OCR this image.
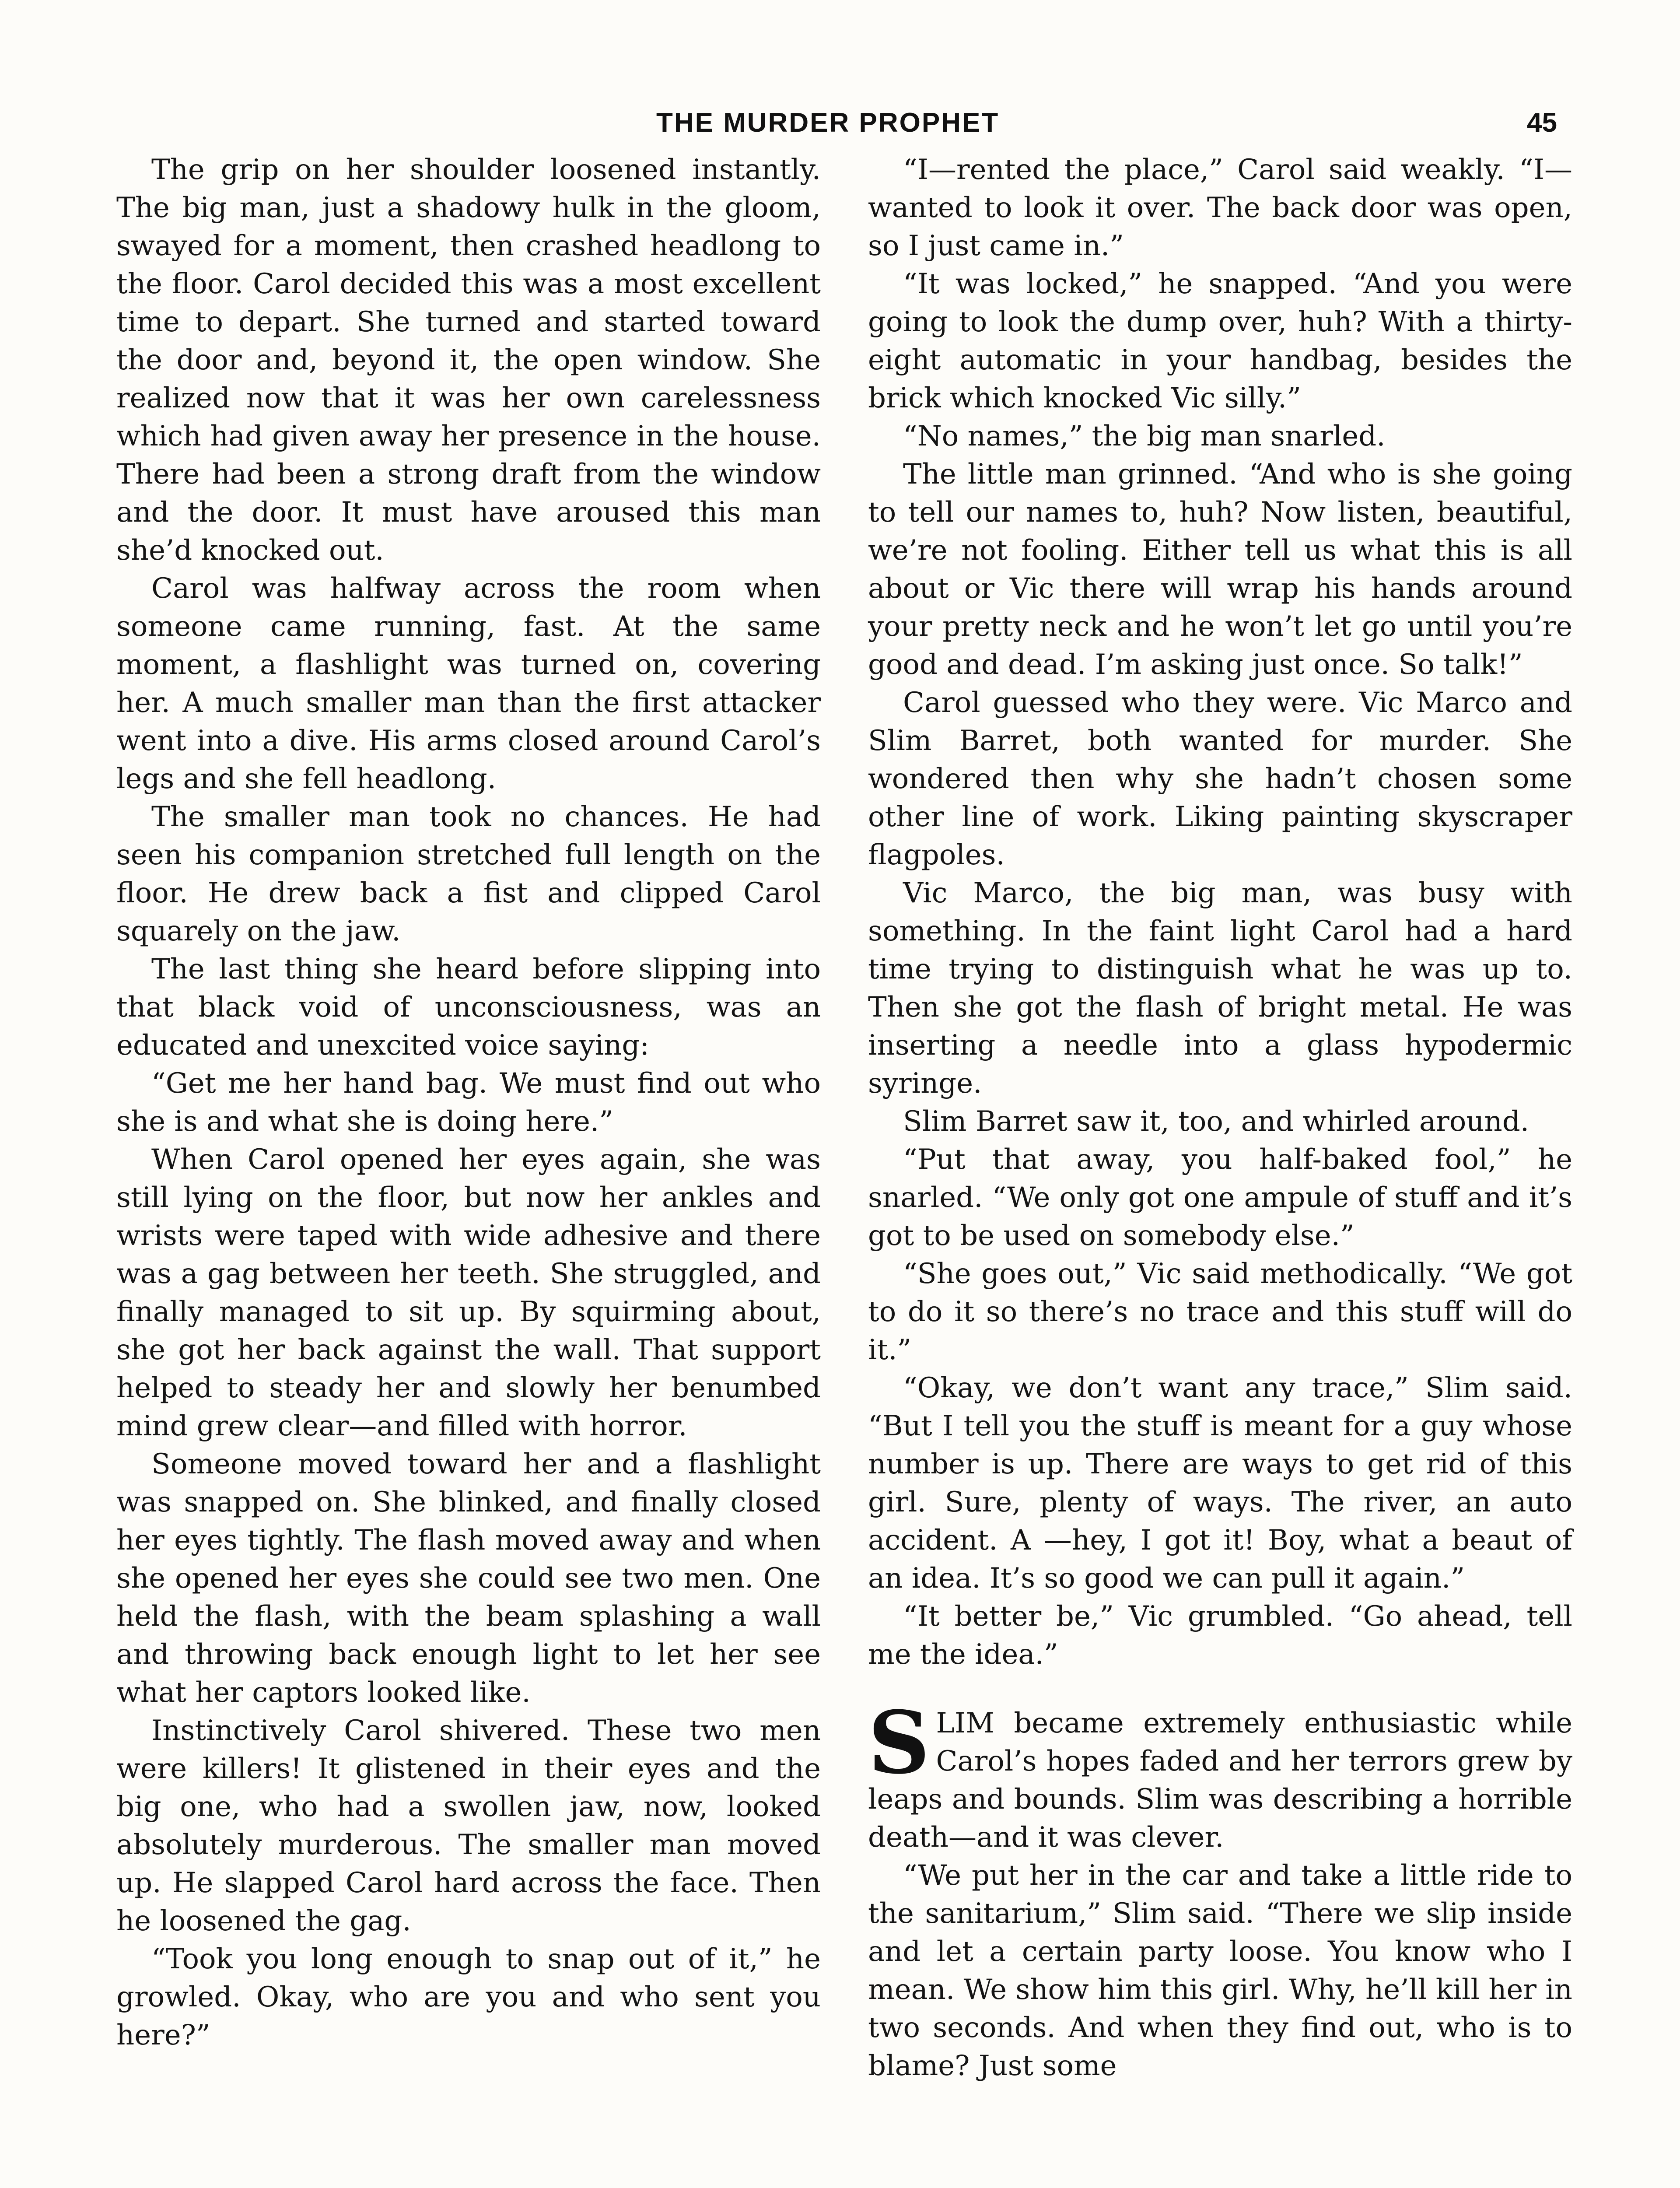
THE MURDER PROPHET	45

The grip on her shoulder loosened instantly. The big man, just a shadowy hulk in the gloom, swayed for a moment, then crashed headlong to the floor. Carol decided this was a most excellent time to depart. She turned and started toward the door and, beyond it, the open window. She realized now that it was her own carelessness which had given away her presence in the house. There had been a strong draft from the window and the door. It must have aroused this man she’d knocked out.

Carol was halfway across the room when someone came running, fast. At the same moment, a flashlight was turned on, covering her. A much smaller man than the first attacker went into a dive. His arms closed around Carol’s legs and she fell headlong.

The smaller man took no chances. He had seen his companion stretched full length on the floor. He drew back a fist and clipped Carol squarely on the jaw.

The last thing she heard before slipping into that black void of unconsciousness, was an educated and unexcited voice saying:

“Get me her hand bag. We must find out who she is and what she is doing here.”

When Carol opened her eyes again, she was still lying on the floor, but now her ankles and wrists were taped with wide adhesive and there was a gag between her teeth. She struggled, and finally managed to sit up. By squirming about, she got her back against the wall. That support helped to steady her and slowly her benumbed mind grew clear—and filled with horror.

Someone moved toward her and a flashlight was snapped on. She blinked, and finally closed her eyes tightly. The flash moved away and when she opened her eyes she could see two men. One held the flash, with the beam splashing a wall and throwing back enough light to let her see what her captors looked like.

Instinctively Carol shivered. These two men were killers! It glistened in their eyes and the big one, who had a swollen jaw, now, looked absolutely murderous. The smaller man moved up. He slapped Carol hard across the face. Then he loosened the gag.

“Took you long enough to snap out of it,” he growled. Okay, who are you and who sent you here?”

“I—rented the place,” Carol said weakly. “I—wanted to look it over. The back door was open, so I just came in.”

“It was locked,” he snapped. “And you were going to look the dump over, huh? With a thirty-eight automatic in your handbag, besides the brick which knocked Vic silly.”

“No names,” the big man snarled.

The little man grinned. “And who is she going to tell our names to, huh? Now listen, beautiful, we’re not fooling. Either tell us what this is all about or Vic there will wrap his hands around your pretty neck and he won’t let go until you’re good and dead. I’m asking just once. So talk!”

Carol guessed who they were. Vic Marco and Slim Barret, both wanted for murder. She wondered then why she hadn’t chosen some other line of work. Liking painting skyscraper flagpoles.

Vic Marco, the big man, was busy with something. In the faint light Carol had a hard time trying to distinguish what he was up to. Then she got the flash of bright metal. He was inserting a needle into a glass hypodermic syringe.

Slim Barret saw it, too, and whirled around.

“Put that away, you half-baked fool,” he snarled. “We only got one ampule of stuff and it’s got to be used on somebody else.”

“She goes out,” Vic said methodically. “We got to do it so there’s no trace and this stuff will do it.”

“Okay, we don’t want any trace,” Slim said. “But I tell you the stuff is meant for a guy whose number is up. There are ways to get rid of this girl. Sure, plenty of ways. The river, an auto accident. A —hey, I got it! Boy, what a beaut of an idea. It’s so good we can pull it again.”

“It better be,” Vic grumbled. “Go ahead, tell me the idea.”

SLIM became extremely enthusiastic while Carol’s hopes faded and her terrors grew by leaps and bounds. Slim was describing a horrible death—and it was clever.

“We put her in the car and take a little ride to the sanitarium,” Slim said. “There we slip inside and let a certain party loose. You know who I mean. We show him this girl. Why, he’ll kill her in two seconds. And when they find out, who is to blame? Just some
